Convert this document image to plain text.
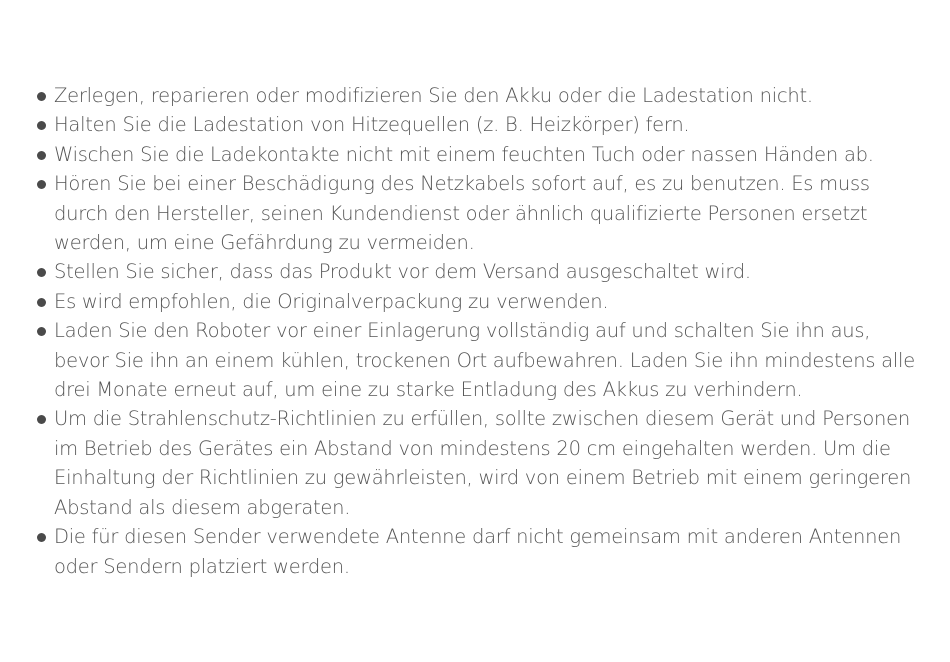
Zerlegen, reparieren oder modifizieren Sie den Akku oder die Ladestation nicht.
Halten Sie die Ladestation von Hitzequellen (z. B. Heizkörper) fern.
Wischen Sie die Ladekontakte nicht mit einem feuchten Tuch oder nassen Händen ab.
Hören Sie bei einer Beschädigung des Netzkabels sofort auf, es zu benutzen. Es muss durch den Hersteller, seinen Kundendienst oder ähnlich qualifizierte Personen ersetzt werden, um eine Gefährdung zu vermeiden.
Stellen Sie sicher, dass das Produkt vor dem Versand ausgeschaltet wird.
Es wird empfohlen, die Originalverpackung zu verwenden.
Laden Sie den Roboter vor einer Einlagerung vollständig auf und schalten Sie ihn aus, bevor Sie ihn an einem kühlen, trockenen Ort aufbewahren. Laden Sie ihn mindestens alle drei Monate erneut auf, um eine zu starke Entladung des Akkus zu verhindern.
Um die Strahlenschutz-Richtlinien zu erfüllen, sollte zwischen diesem Gerät und Personen im Betrieb des Gerätes ein Abstand von mindestens 20 cm eingehalten werden. Um die Einhaltung der Richtlinien zu gewährleisten, wird von einem Betrieb mit einem geringeren Abstand als diesem abgeraten.
Die für diesen Sender verwendete Antenne darf nicht gemeinsam mit anderen Antennen oder Sendern platziert werden.
